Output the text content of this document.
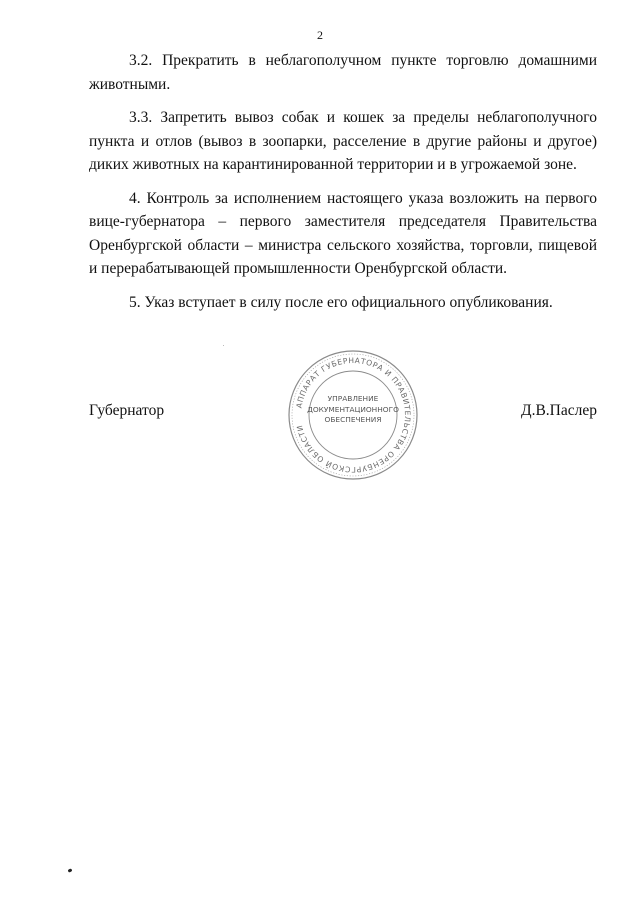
2

3.2. Прекратить в неблагополучном пункте торговлю домашними животными.

3.3. Запретить вывоз собак и кошек за пределы неблагополучного пункта и отлов (вывоз в зоопарки, расселение в другие районы и другое) диких животных на карантинированной территории и в угрожаемой зоне.

4. Контроль за исполнением настоящего указа возложить на первого вице-губернатора – первого заместителя председателя Правительства Оренбургской области – министра сельского хозяйства, торговли, пищевой и перерабатывающей промышленности Оренбургской области.

5. Указ вступает в силу после его официального опубликования.

Губернатор	Д.В.Паслер
АППАРАТ ГУБЕРНАТОРА И ПРАВИТЕЛЬСТВА ОРЕНБУРГСКОЙ ОБЛАСТИ
УПРАВЛЕНИЕ
ДОКУМЕНТАЦИОННОГО
ОБЕСПЕЧЕНИЯ
